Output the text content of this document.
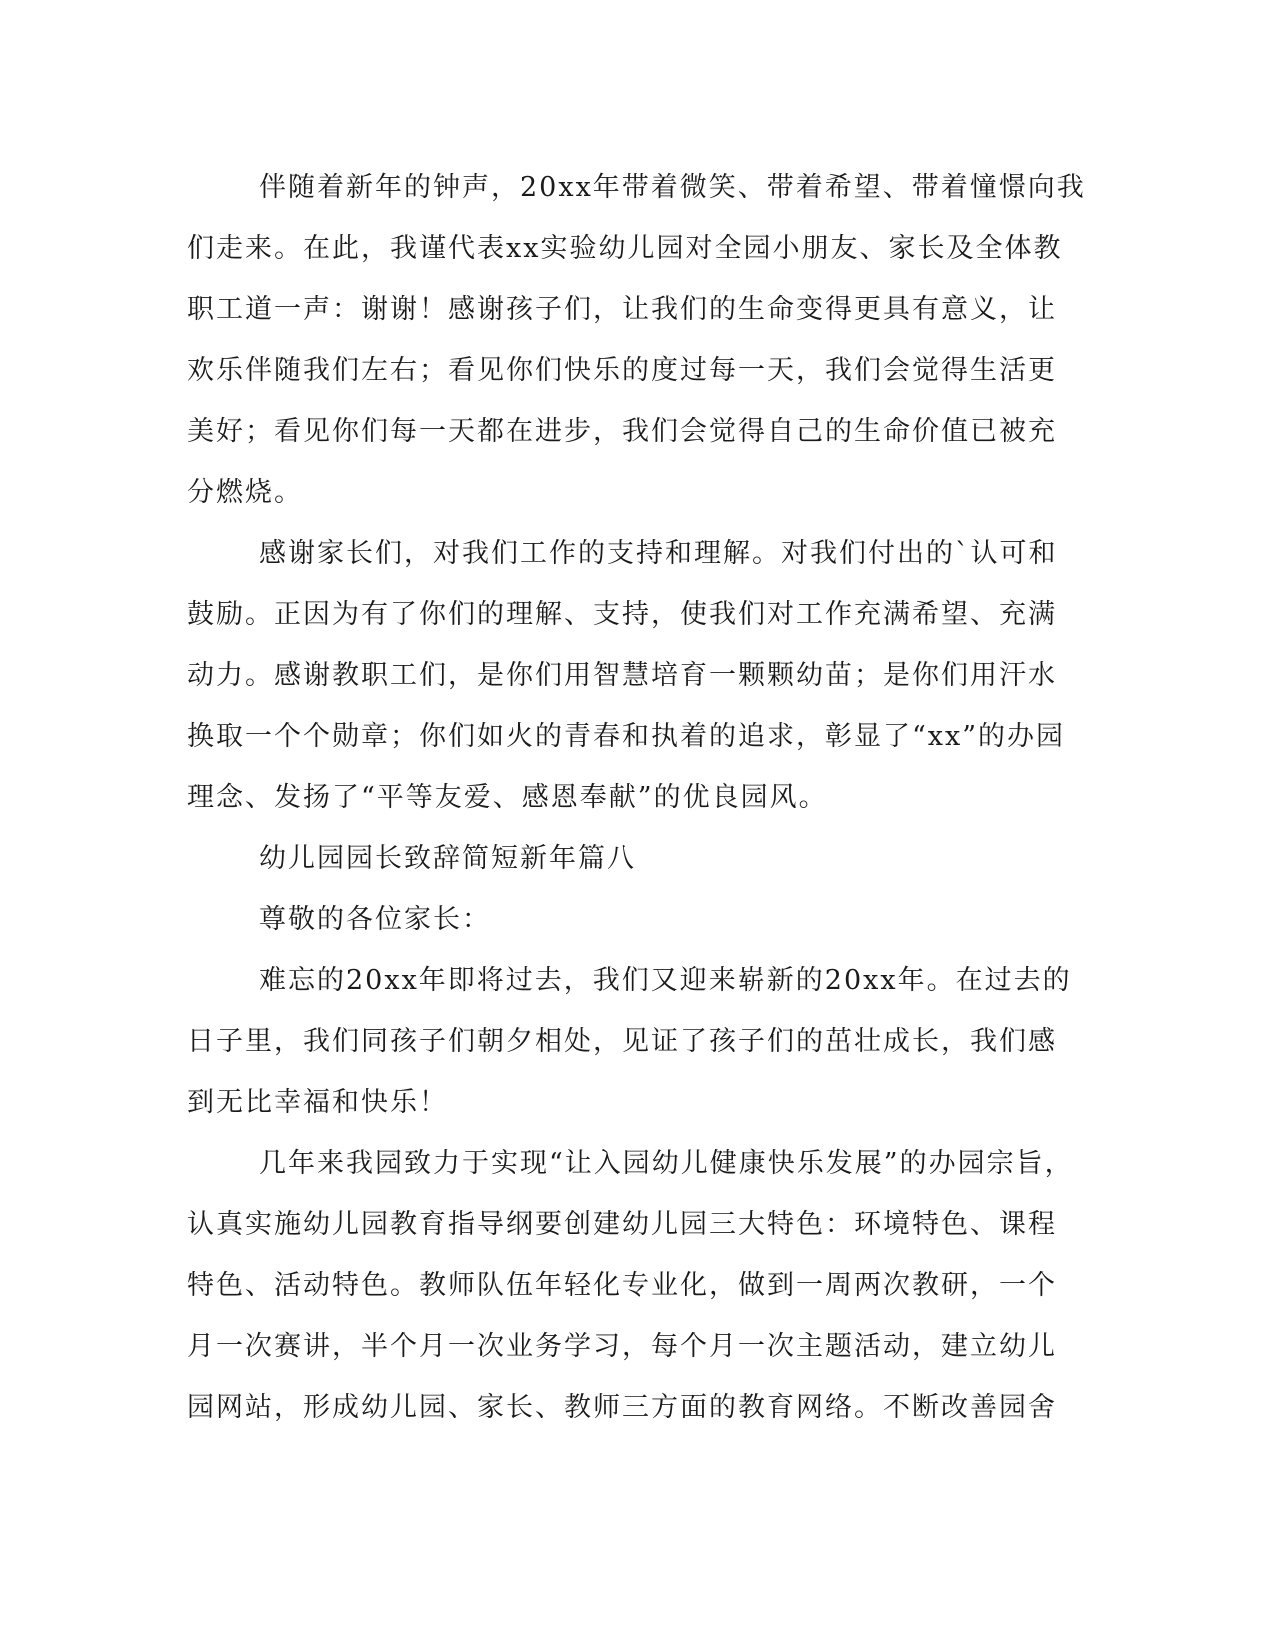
伴随着新年的钟声，20xx年带着微笑、带着希望、带着憧憬向我
们走来。在此，我谨代表xx实验幼儿园对全园小朋友、家长及全体教
职工道一声：谢谢！感谢孩子们，让我们的生命变得更具有意义，让
欢乐伴随我们左右；看见你们快乐的度过每一天，我们会觉得生活更
美好；看见你们每一天都在进步，我们会觉得自己的生命价值已被充
分燃烧。
感谢家长们，对我们工作的支持和理解。对我们付出的`认可和
鼓励。正因为有了你们的理解、支持，使我们对工作充满希望、充满
动力。感谢教职工们，是你们用智慧培育一颗颗幼苗；是你们用汗水
换取一个个勋章；你们如火的青春和执着的追求，彰显了“xx”的办园
理念、发扬了“平等友爱、感恩奉献”的优良园风。
幼儿园园长致辞简短新年篇八
尊敬的各位家长：
难忘的20xx年即将过去，我们又迎来崭新的20xx年。在过去的
日子里，我们同孩子们朝夕相处，见证了孩子们的茁壮成长，我们感
到无比幸福和快乐！
几年来我园致力于实现“让入园幼儿健康快乐发展”的办园宗旨，
认真实施幼儿园教育指导纲要创建幼儿园三大特色：环境特色、课程
特色、活动特色。教师队伍年轻化专业化，做到一周两次教研，一个
月一次赛讲，半个月一次业务学习，每个月一次主题活动，建立幼儿
园网站，形成幼儿园、家长、教师三方面的教育网络。不断改善园舍
